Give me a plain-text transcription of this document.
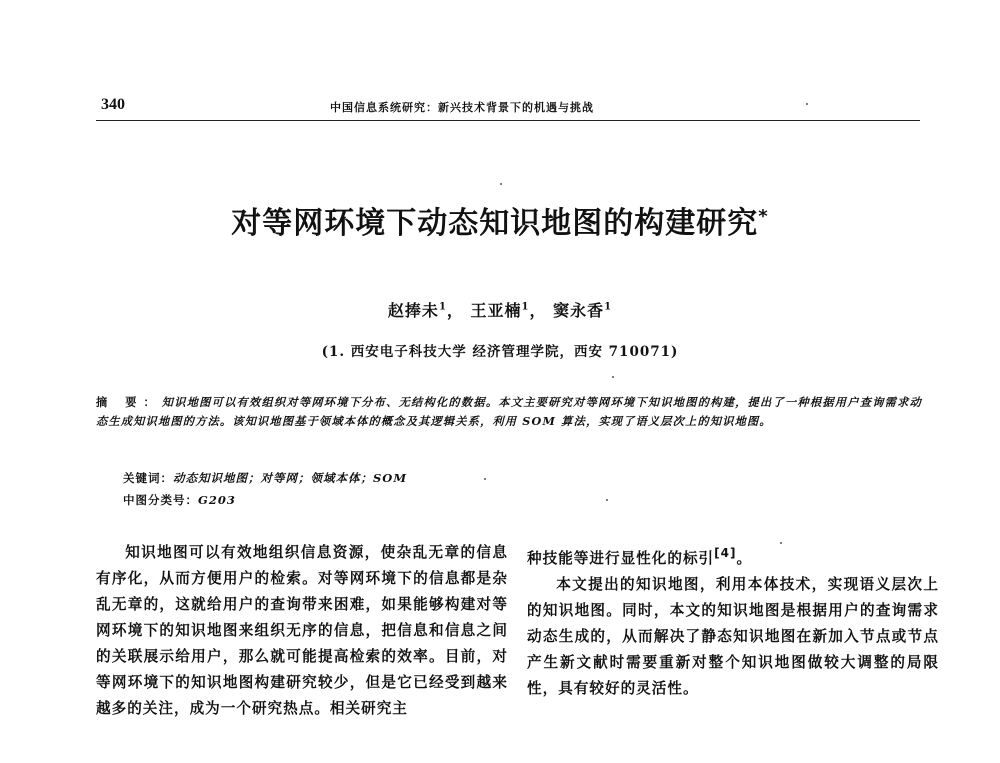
340	中国信息系统研究：新兴技术背景下的机遇与挑战
对等网环境下动态知识地图的构建研究*
赵捧未$^1$， 王亚楠$^1$， 窦永香$^1$
(1. 西安电子科技大学 经济管理学院，西安 710071)
摘 要：知识地图可以有效组织对等网环境下分布、无结构化的数据。本文主要研究对等网环境下知识地图的构建，提出了一种根据用户查询需求动态生成知识地图的方法。该知识地图基于领域本体的概念及其逻辑关系，利用 SOM 算法，实现了语义层次上的知识地图。
关键词：动态知识地图；对等网；领域本体；SOM
中图分类号：G203

知识地图可以有效地组织信息资源，使杂乱无章的信息有序化，从而方便用户的检索。对等网环境下的信息都是杂乱无章的，这就给用户的查询带来困难，如果能够构建对等网环境下的知识地图来组织无序的信息，把信息和信息之间的关联展示给用户，那么就可能提高检索的效率。目前，对等网环境下的知识地图构建研究较少，但是它已经受到越来越多的关注，成为一个研究热点。相关研究主

种技能等进行显性化的标引[4]。

本文提出的知识地图，利用本体技术，实现语义层次上的知识地图。同时，本文的知识地图是根据用户的查询需求动态生成的，从而解决了静态知识地图在新加入节点或节点产生新文献时需要重新对整个知识地图做较大调整的局限性，具有较好的灵活性。
